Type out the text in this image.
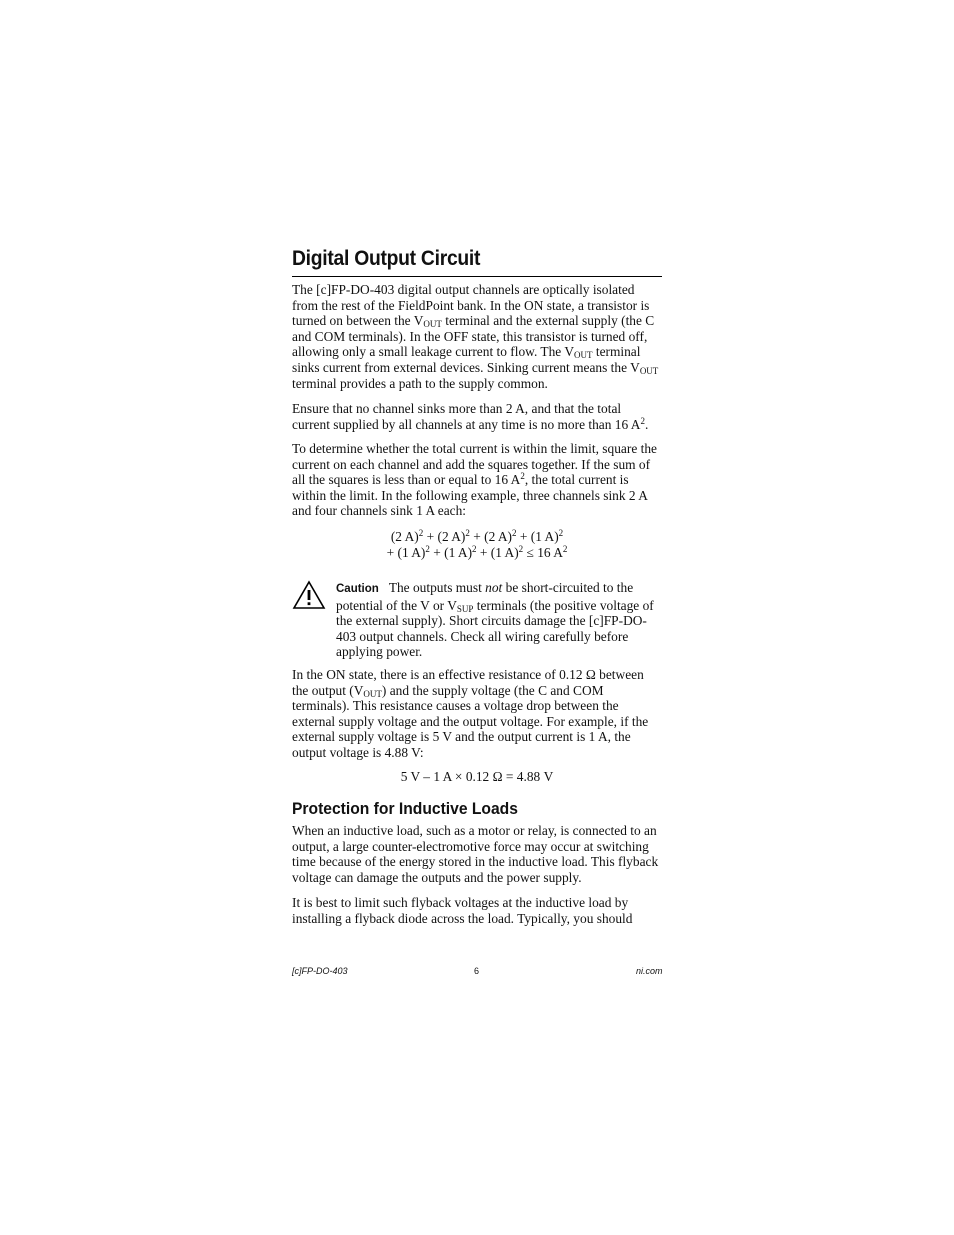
Digital Output Circuit

The [c]FP-DO-403 digital output channels are optically isolated from the rest of the FieldPoint bank. In the ON state, a transistor is turned on between the $V_{OUT}$ terminal and the external supply (the C and COM terminals). In the OFF state, this transistor is turned off, allowing only a small leakage current to flow. The $V_{OUT}$ terminal sinks current from external devices. Sinking current means the $V_{OUT}$ terminal provides a path to the supply common.

Ensure that no channel sinks more than 2 A, and that the total current supplied by all channels at any time is no more than 16 $A^2$.

To determine whether the total current is within the limit, square the current on each channel and add the squares together. If the sum of all the squares is less than or equal to 16 $A^2$, the total current is within the limit. In the following example, three channels sink 2 A and four channels sink 1 A each:

(2 A)$^2$ + (2 A)$^2$ + (2 A)$^2$ + (1 A)$^2$
+ (1 A)$^2$ + (1 A)$^2$ + (1 A)$^2$ ≤ 16 $A^2$
Caution The outputs must not be short-circuited to the potential of the V or $V_{SUP}$ terminals (the positive voltage of the external supply). Short circuits damage the [c]FP-DO-403 output channels. Check all wiring carefully before applying power.

In the ON state, there is an effective resistance of 0.12 Ω between the output $(V_{OUT})$ and the supply voltage (the C and COM terminals). This resistance causes a voltage drop between the external supply voltage and the output voltage. For example, if the external supply voltage is 5 V and the output current is 1 A, the output voltage is 4.88 V:

5 V – 1 A × 0.12 Ω = 4.88 V
Protection for Inductive Loads

When an inductive load, such as a motor or relay, is connected to an output, a large counter-electromotive force may occur at switching time because of the energy stored in the inductive load. This flyback voltage can damage the outputs and the power supply.

It is best to limit such flyback voltages at the inductive load by installing a flyback diode across the load. Typically, you should

[c]FP-DO-403	6	ni.com
